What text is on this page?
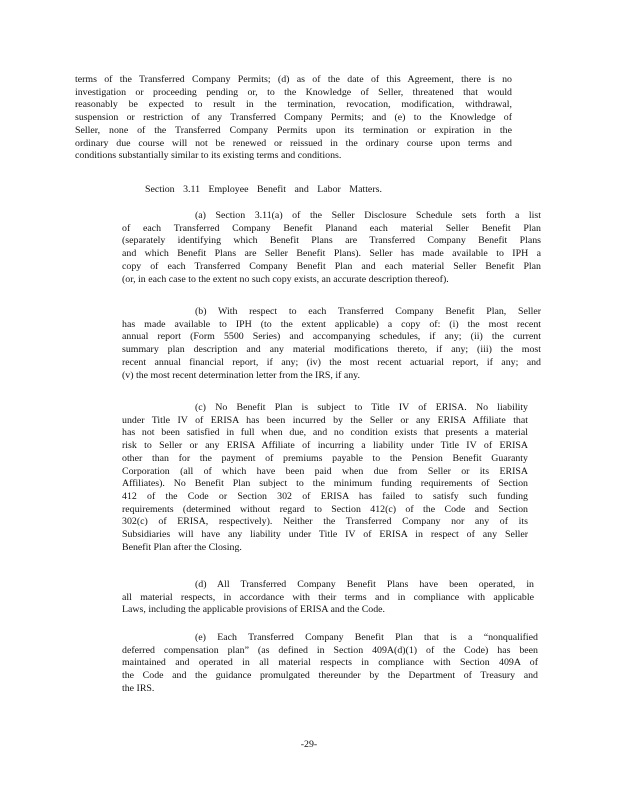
terms of the Transferred Company Permits; (d) as of the date of this Agreement, there is no
investigation or proceeding pending or, to the Knowledge of Seller, threatened that would
reasonably be expected to result in the termination, revocation, modification, withdrawal,
suspension or restriction of any Transferred Company Permits; and (e) to the Knowledge of
Seller, none of the Transferred Company Permits upon its termination or expiration in the
ordinary due course will not be renewed or reissued in the ordinary course upon terms and
conditions substantially similar to its existing terms and conditions.

Section 3.11 Employee Benefit and Labor Matters.

(a) Section 3.11(a) of the Seller Disclosure Schedule sets forth a list
of each Transferred Company Benefit Planand each material Seller Benefit Plan
(separately identifying which Benefit Plans are Transferred Company Benefit Plans
and which Benefit Plans are Seller Benefit Plans). Seller has made available to IPH a
copy of each Transferred Company Benefit Plan and each material Seller Benefit Plan
(or, in each case to the extent no such copy exists, an accurate description thereof).
(b) With respect to each Transferred Company Benefit Plan, Seller
has made available to IPH (to the extent applicable) a copy of: (i) the most recent
annual report (Form 5500 Series) and accompanying schedules, if any; (ii) the current
summary plan description and any material modifications thereto, if any; (iii) the most
recent annual financial report, if any; (iv) the most recent actuarial report, if any; and
(v) the most recent determination letter from the IRS, if any.
(c) No Benefit Plan is subject to Title IV of ERISA. No liability
under Title IV of ERISA has been incurred by the Seller or any ERISA Affiliate that
has not been satisfied in full when due, and no condition exists that presents a material
risk to Seller or any ERISA Affiliate of incurring a liability under Title IV of ERISA
other than for the payment of premiums payable to the Pension Benefit Guaranty
Corporation (all of which have been paid when due from Seller or its ERISA
Affiliates). No Benefit Plan subject to the minimum funding requirements of Section
412 of the Code or Section 302 of ERISA has failed to satisfy such funding
requirements (determined without regard to Section 412(c) of the Code and Section
302(c) of ERISA, respectively). Neither the Transferred Company nor any of its
Subsidiaries will have any liability under Title IV of ERISA in respect of any Seller
Benefit Plan after the Closing.
(d) All Transferred Company Benefit Plans have been operated, in
all material respects, in accordance with their terms and in compliance with applicable
Laws, including the applicable provisions of ERISA and the Code.
(e) Each Transferred Company Benefit Plan that is a “nonqualified
deferred compensation plan” (as defined in Section 409A(d)(1) of the Code) has been
maintained and operated in all material respects in compliance with Section 409A of
the Code and the guidance promulgated thereunder by the Department of Treasury and
the IRS.

-29-
